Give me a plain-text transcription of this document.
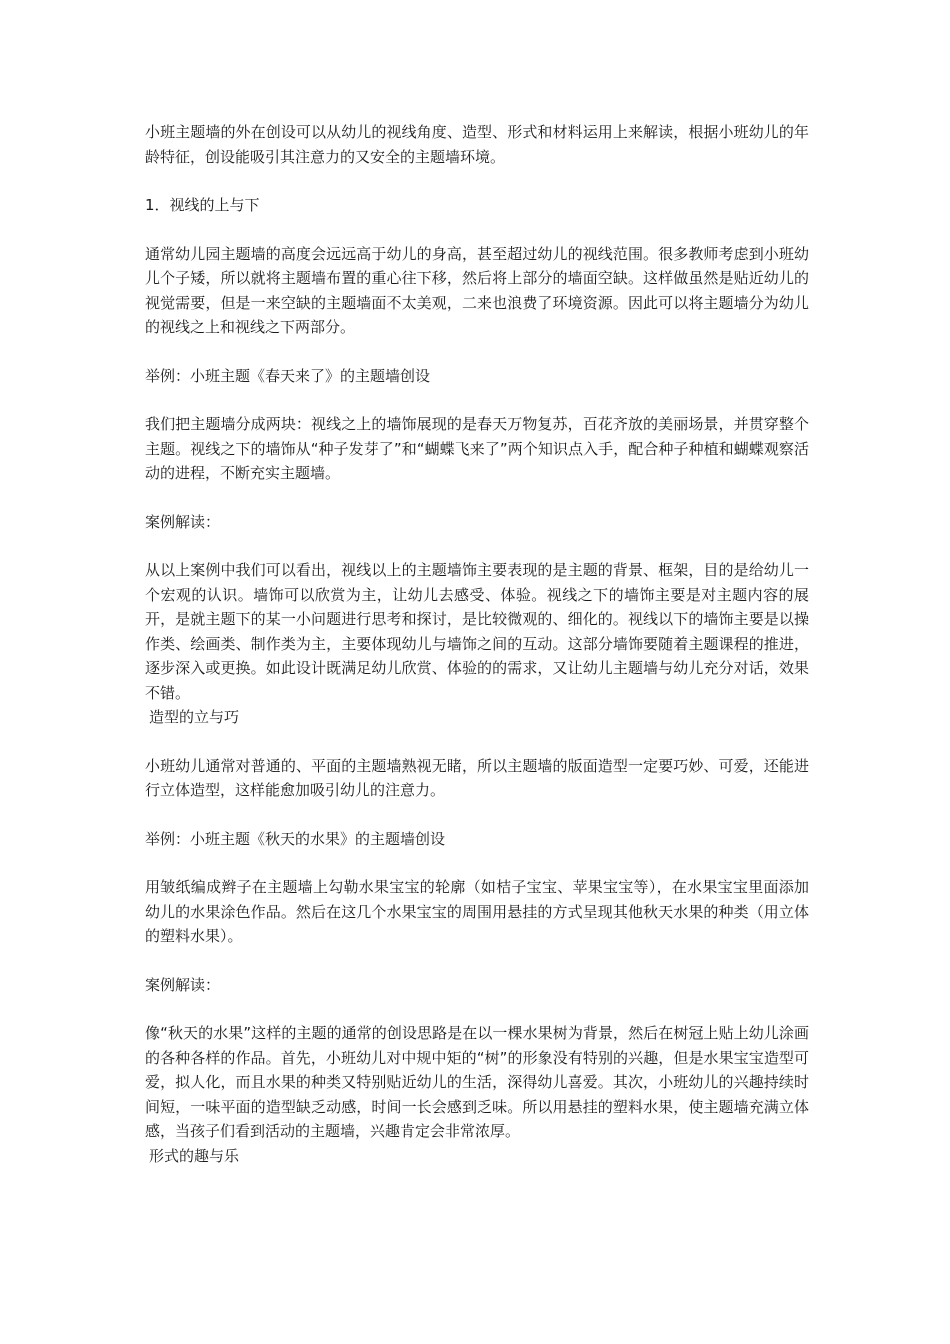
小班主题墙的外在创设可以从幼儿的视线角度、造型、形式和材料运用上来解读，根据小班幼儿的年龄特征，创设能吸引其注意力的又安全的主题墙环境。

1．视线的上与下

通常幼儿园主题墙的高度会远远高于幼儿的身高，甚至超过幼儿的视线范围。很多教师考虑到小班幼儿个子矮，所以就将主题墙布置的重心往下移，然后将上部分的墙面空缺。这样做虽然是贴近幼儿的视觉需要，但是一来空缺的主题墙面不太美观，二来也浪费了环境资源。因此可以将主题墙分为幼儿的视线之上和视线之下两部分。

举例：小班主题《春天来了》的主题墙创设

我们把主题墙分成两块：视线之上的墙饰展现的是春天万物复苏，百花齐放的美丽场景，并贯穿整个主题。视线之下的墙饰从“种子发芽了”和“蝴蝶飞来了”两个知识点入手，配合种子种植和蝴蝶观察活动的进程，不断充实主题墙。

案例解读：

从以上案例中我们可以看出，视线以上的主题墙饰主要表现的是主题的背景、框架，目的是给幼儿一个宏观的认识。墙饰可以欣赏为主，让幼儿去感受、体验。视线之下的墙饰主要是对主题内容的展开，是就主题下的某一小问题进行思考和探讨，是比较微观的、细化的。视线以下的墙饰主要是以操作类、绘画类、制作类为主，主要体现幼儿与墙饰之间的互动。这部分墙饰要随着主题课程的推进，逐步深入或更换。如此设计既满足幼儿欣赏、体验的的需求，又让幼儿主题墙与幼儿充分对话，效果不错。

造型的立与巧

小班幼儿通常对普通的、平面的主题墙熟视无睹，所以主题墙的版面造型一定要巧妙、可爱，还能进行立体造型，这样能愈加吸引幼儿的注意力。

举例：小班主题《秋天的水果》的主题墙创设

用皱纸编成辫子在主题墙上勾勒水果宝宝的轮廓（如桔子宝宝、苹果宝宝等），在水果宝宝里面添加幼儿的水果涂色作品。然后在这几个水果宝宝的周围用悬挂的方式呈现其他秋天水果的种类（用立体的塑料水果）。

案例解读：

像“秋天的水果”这样的主题的通常的创设思路是在以一棵水果树为背景，然后在树冠上贴上幼儿涂画的各种各样的作品。首先，小班幼儿对中规中矩的“树”的形象没有特别的兴趣，但是水果宝宝造型可爱，拟人化，而且水果的种类又特别贴近幼儿的生活，深得幼儿喜爱。其次，小班幼儿的兴趣持续时间短，一味平面的造型缺乏动感，时间一长会感到乏味。所以用悬挂的塑料水果，使主题墙充满立体感，当孩子们看到活动的主题墙，兴趣肯定会非常浓厚。

形式的趣与乐
